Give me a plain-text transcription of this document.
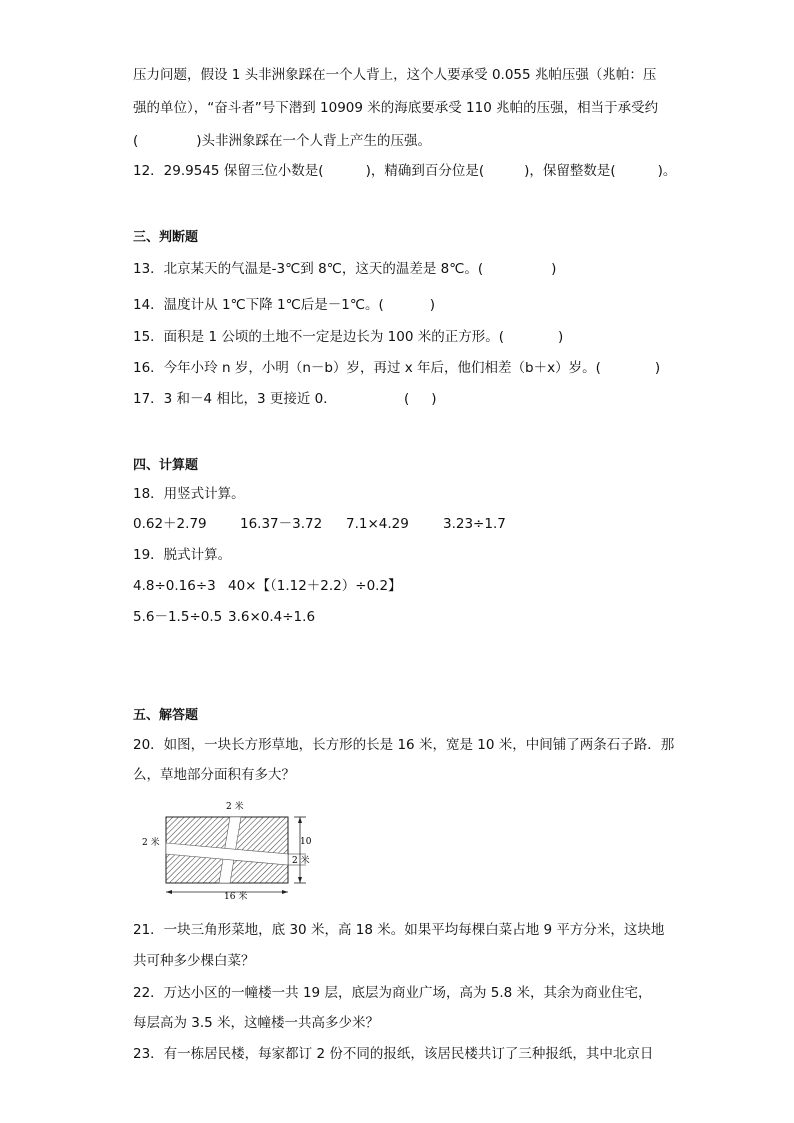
压力问题，假设 1 头非洲象踩在一个人背上，这个人要承受 0.055 兆帕压强（兆帕：压
强的单位），“奋斗者”号下潜到 10909 米的海底要承受 110 兆帕的压强，相当于承受约
(	)头非洲象踩在一个人背上产生的压强。
12．29.9545 保留三位小数是(	)，精确到百分位是(	)，保留整数是(	)。
三、判断题
13．北京某天的气温是-3℃到 8℃，这天的温差是 8℃。(	)
14．温度计从 1℃下降 1℃后是－1℃。(	)
15．面积是 1 公顷的土地不一定是边长为 100 米的正方形。(	)
16．今年小玲 n 岁，小明（n－b）岁，再过 x 年后，他们相差（b＋x）岁。(	)
17．3 和－4 相比，3 更接近 0．	( )
四、计算题
18．用竖式计算。
0.62＋2.79 16.37－3.72 7.1×4.29	3.23÷1.7
19．脱式计算。
4.8÷0.16÷3 40×【（1.12＋2.2）÷0.2】
5.6－1.5÷0.5 3.6×0.4÷1.6
五、解答题
20．如图，一块长方形草地，长方形的长是 16 米，宽是 10 米，中间铺了两条石子路．那
么，草地部分面积有多大？
2 米
2 米	10
2 米
16 米
21．一块三角形菜地，底 30 米，高 18 米。如果平均每棵白菜占地 9 平方分米，这块地
共可种多少棵白菜？
22．万达小区的一幢楼一共 19 层，底层为商业广场，高为 5.8 米，其余为商业住宅，
每层高为 3.5 米，这幢楼一共高多少米？
23．有一栋居民楼，每家都订 2 份不同的报纸，该居民楼共订了三种报纸，其中北京日
